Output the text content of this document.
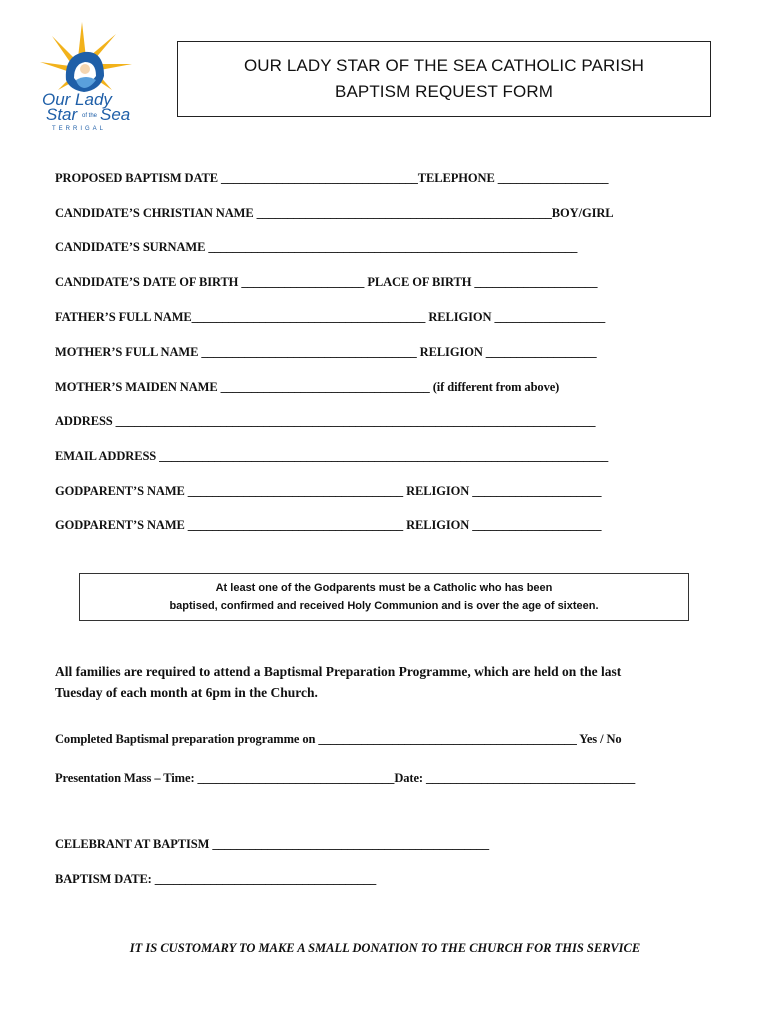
Our Lady
Star of the Sea
TERRIGAL
OUR LADY STAR OF THE SEA CATHOLIC PARISH
BAPTISM REQUEST FORM
PROPOSED BAPTISM DATE ________________________________TELEPHONE __________________
CANDIDATE’S CHRISTIAN NAME ________________________________________________BOY/GIRL
CANDIDATE’S SURNAME ____________________________________________________________
CANDIDATE’S DATE OF BIRTH ____________________ PLACE OF BIRTH ____________________
FATHER’S FULL NAME______________________________________ RELIGION __________________
MOTHER’S FULL NAME ___________________________________ RELIGION __________________
MOTHER’S MAIDEN NAME __________________________________ (if different from above)
ADDRESS ______________________________________________________________________________
EMAIL ADDRESS _________________________________________________________________________
GODPARENT’S NAME ___________________________________ RELIGION _____________________
GODPARENT’S NAME ___________________________________ RELIGION _____________________
At least one of the Godparents must be a Catholic who has been
baptised, confirmed and received Holy Communion and is over the age of sixteen.
All families are required to attend a Baptismal Preparation Programme, which are held on the last
Tuesday of each month at 6pm in the Church.
Completed Baptismal preparation programme on __________________________________________ Yes / No
Presentation Mass – Time: ________________________________Date: __________________________________
CELEBRANT AT BAPTISM _____________________________________________
BAPTISM DATE: ____________________________________
IT IS CUSTOMARY TO MAKE A SMALL DONATION TO THE CHURCH FOR THIS SERVICE
